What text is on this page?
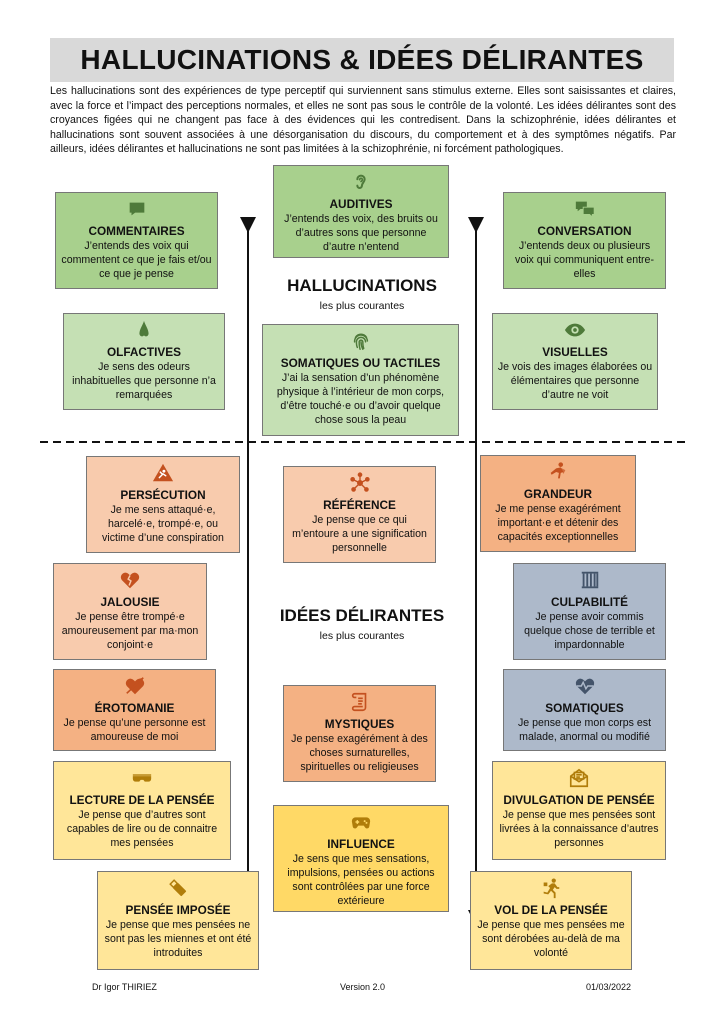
HALLUCINATIONS & IDÉES DÉLIRANTES

Les hallucinations sont des expériences de type perceptif qui surviennent sans stimulus externe. Elles sont saisissantes et claires, avec la force et l’impact des perceptions normales, et elles ne sont pas sous le contrôle de la volonté. Les idées délirantes sont des croyances figées qui ne changent pas face à des évidences qui les contredisent. Dans la schizophrénie, idées délirantes et hallucinations sont souvent associées à une désorganisation du discours, du comportement et à des symptômes négatifs. Par ailleurs, idées délirantes et hallucinations ne sont pas limitées à la schizophrénie, ni forcément pathologiques.

HALLUCINATIONS
les plus courantes
IDÉES DÉLIRANTES
les plus courantes
AUDITIVES
J’entends des voix, des bruits ou d’autres sons que personne d’autre n’entend
COMMENTAIRES
J’entends des voix qui commentent ce que je fais et/ou ce que je pense
CONVERSATION
J’entends deux ou plusieurs voix qui communiquent entre-elles
OLFACTIVES
Je sens des odeurs inhabituelles que personne n’a remarquées
SOMATIQUES OU TACTILES
J’ai la sensation d’un phénomène physique à l’intérieur de mon corps, d’être touché·e ou d’avoir quelque chose sous la peau
VISUELLES
Je vois des images élaborées ou élémentaires que personne d’autre ne voit
PERSÉCUTION
Je me sens attaqué·e, harcelé·e, trompé·e, ou victime d’une conspiration
RÉFÉRENCE
Je pense que ce qui m’entoure a une signification personnelle
GRANDEUR
Je me pense exagérément important·e et détenir des capacités exceptionnelles
JALOUSIE
Je pense être trompé·e amoureusement par ma·mon conjoint·e
CULPABILITÉ
Je pense avoir commis quelque chose de terrible et impardonnable
ÉROTOMANIE
Je pense qu’une personne est amoureuse de moi
SOMATIQUES
Je pense que mon corps est malade, anormal ou modifié
MYSTIQUES
Je pense exagérément à des choses surnaturelles, spirituelles ou religieuses
LECTURE DE LA PENSÉE
Je pense que d’autres sont capables de lire ou de connaitre mes pensées
DIVULGATION DE PENSÉE
Je pense que mes pensées sont livrées à la connaissance d’autres personnes
INFLUENCE
Je sens que mes sensations, impulsions, pensées ou actions sont contrôlées par une force extérieure
PENSÉE IMPOSÉE
Je pense que mes pensées ne sont pas les miennes et ont été introduites
VOL DE LA PENSÉE
Je pense que mes pensées me sont dérobées au-delà de ma volonté
Dr Igor THIRIEZ	Version 2.0	01/03/2022
